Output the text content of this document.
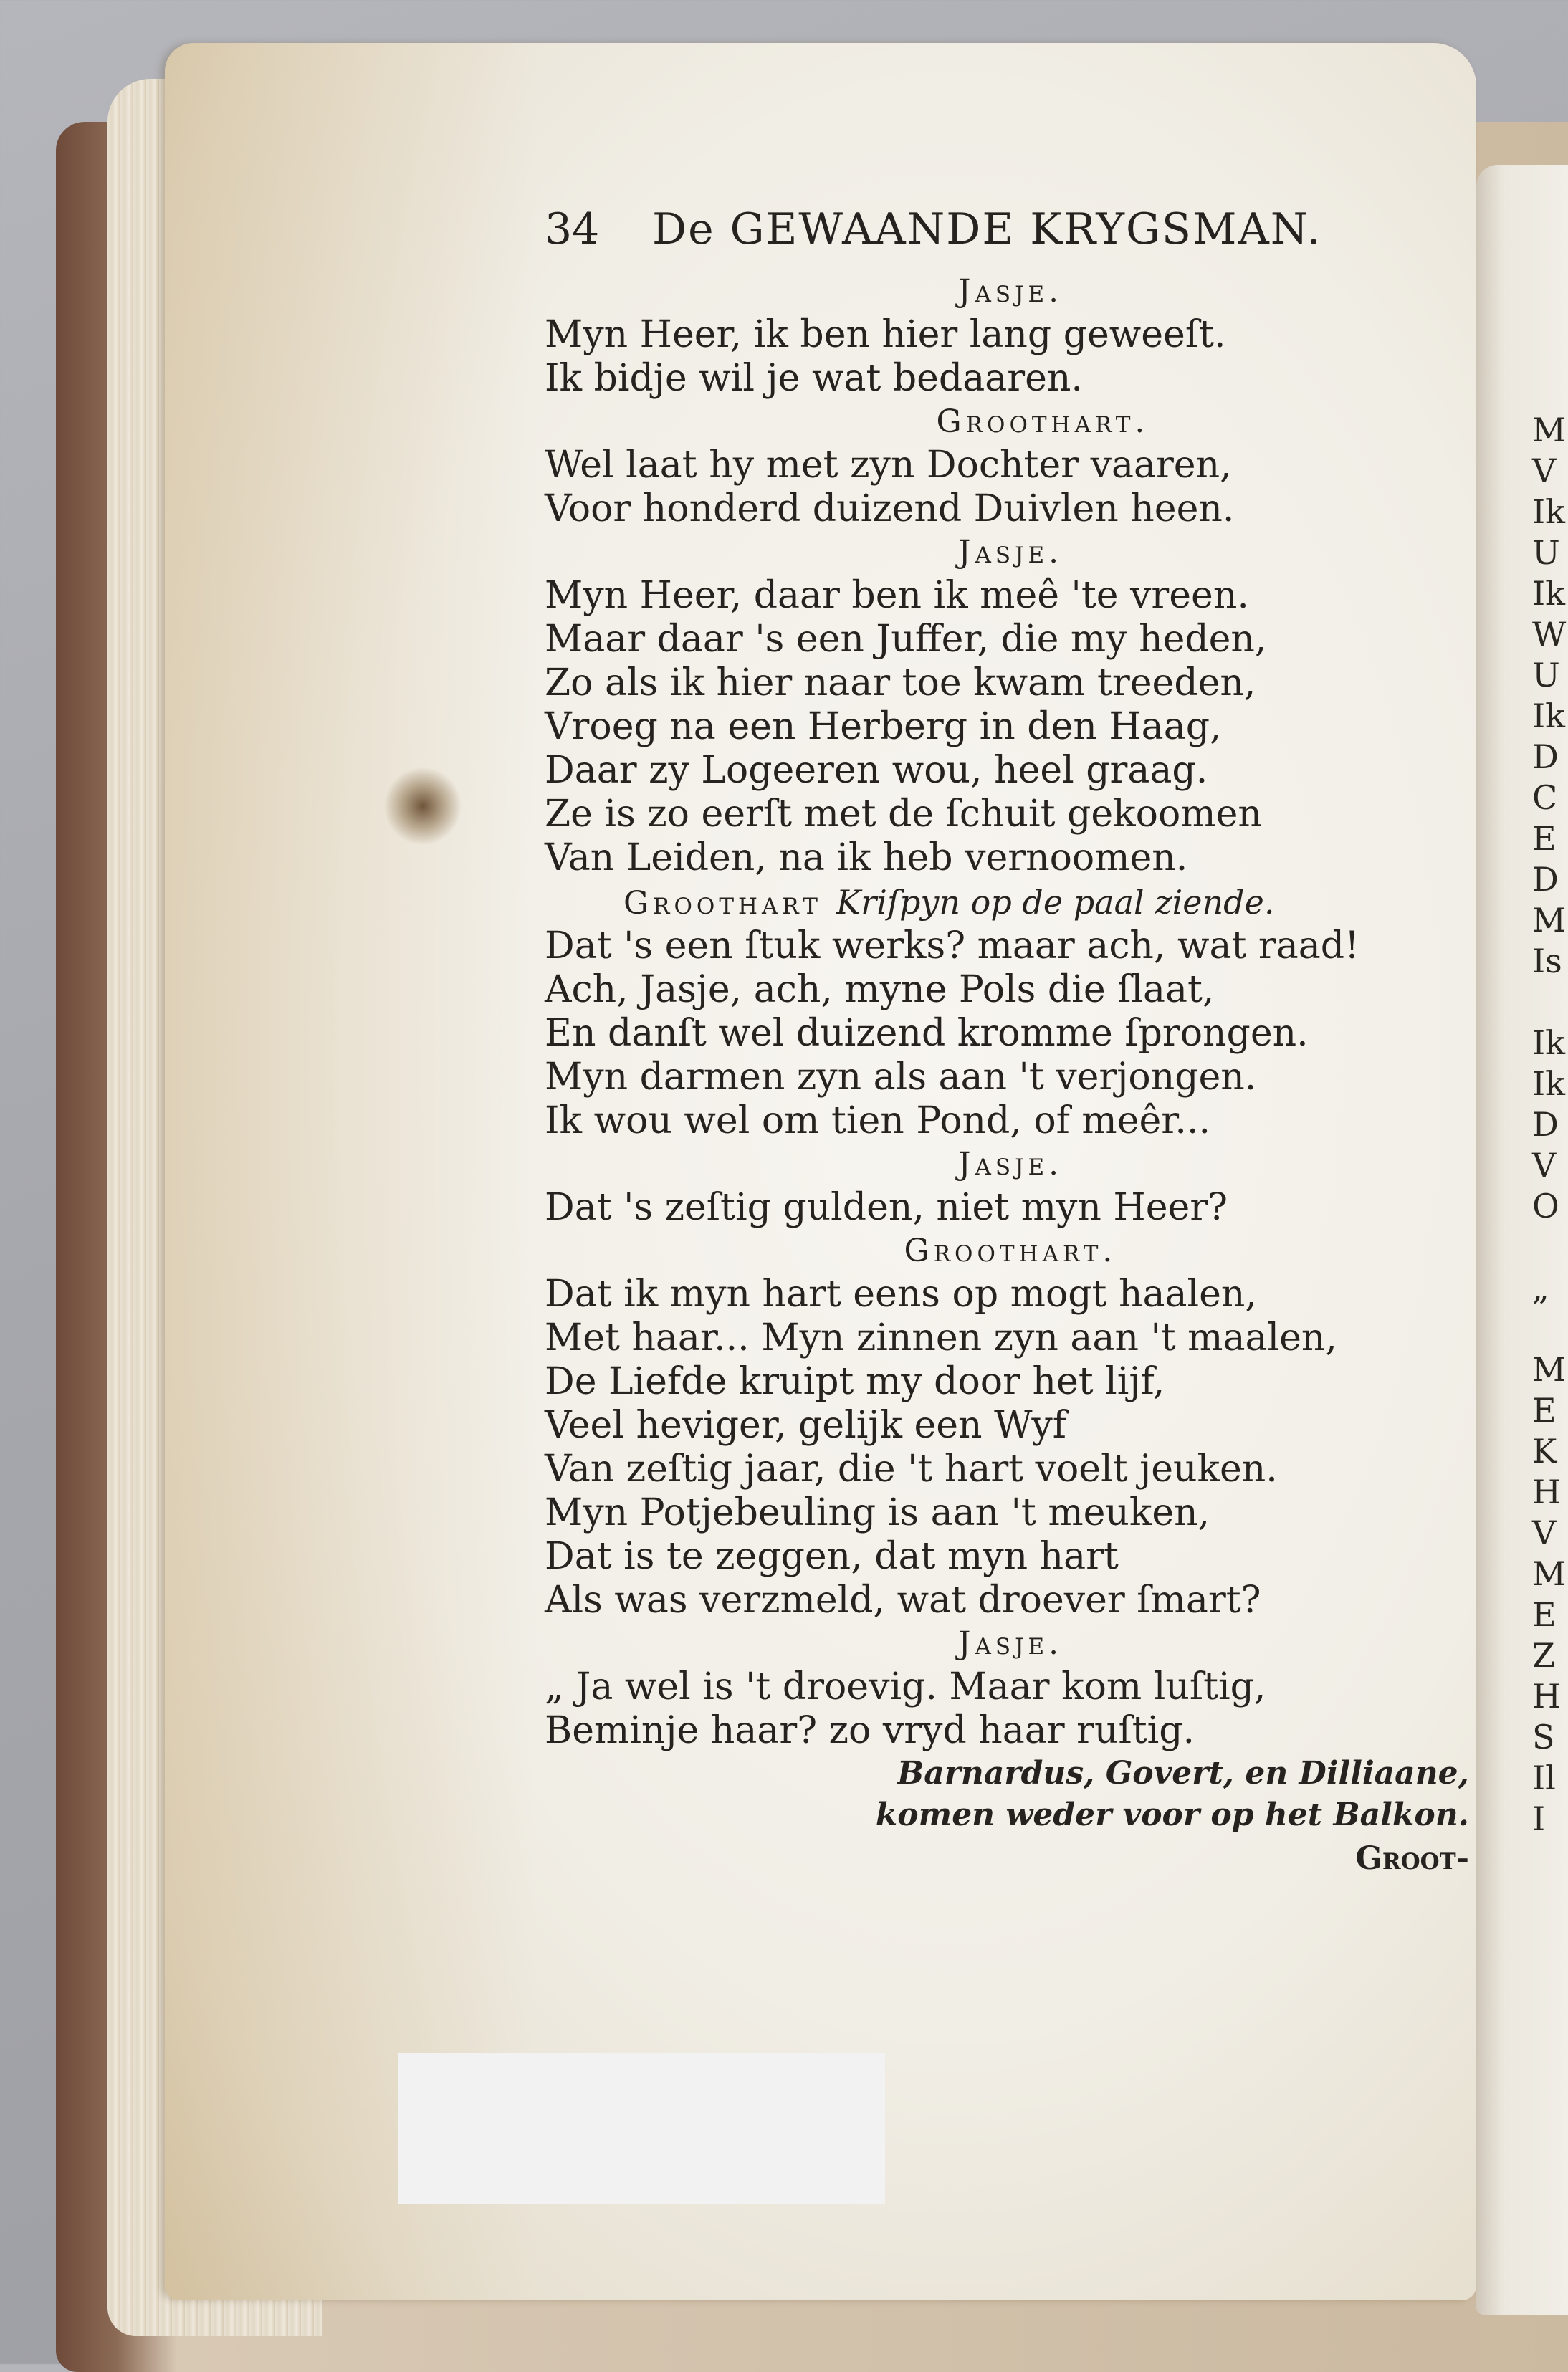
M
V
Ik
U
Ik
W
U
Ik
D
C
E
D
M
Is
Ik
Ik
D
V
O
„
M
E
K
H
V
M
E
Z
H
S
Il
I
34	De GEWAANDE KRYGSMAN.
Jasje.
Myn Heer, ik ben hier lang geweeſt.
Ik bidje wil je wat bedaaren.
Groothart.
Wel laat hy met zyn Dochter vaaren,
Voor honderd duizend Duivlen heen.
Jasje.
Myn Heer, daar ben ik meê 'te vreen.
Maar daar 's een Juffer, die my heden,
Zo als ik hier naar toe kwam treeden,
Vroeg na een Herberg in den Haag,
Daar zy Logeeren wou, heel graag.
Ze is zo eerſt met de ſchuit gekoomen
Van Leiden, na ik heb vernoomen.
Groothart Kriſpyn op de paal ziende.
Dat 's een ſtuk werks? maar ach, wat raad!
Ach, Jasje, ach, myne Pols die ſlaat,
En danſt wel duizend kromme ſprongen.
Myn darmen zyn als aan 't verjongen.
Ik wou wel om tien Pond, of meêr...
Jasje.
Dat 's zeſtig gulden, niet myn Heer?
Groothart.
Dat ik myn hart eens op mogt haalen,
Met haar... Myn zinnen zyn aan 't maalen,
De Liefde kruipt my door het lijf,
Veel heviger, gelijk een Wyf
Van zeſtig jaar, die 't hart voelt jeuken.
Myn Potjebeuling is aan 't meuken,
Dat is te zeggen, dat myn hart
Als was verzmeld, wat droever ſmart?
Jasje.
„ Ja wel is 't droevig. Maar kom luſtig,
Beminje haar? zo vryd haar ruſtig.
Barnardus, Govert, en Dilliaane,
komen weder voor op het Balkon.
Groot-
